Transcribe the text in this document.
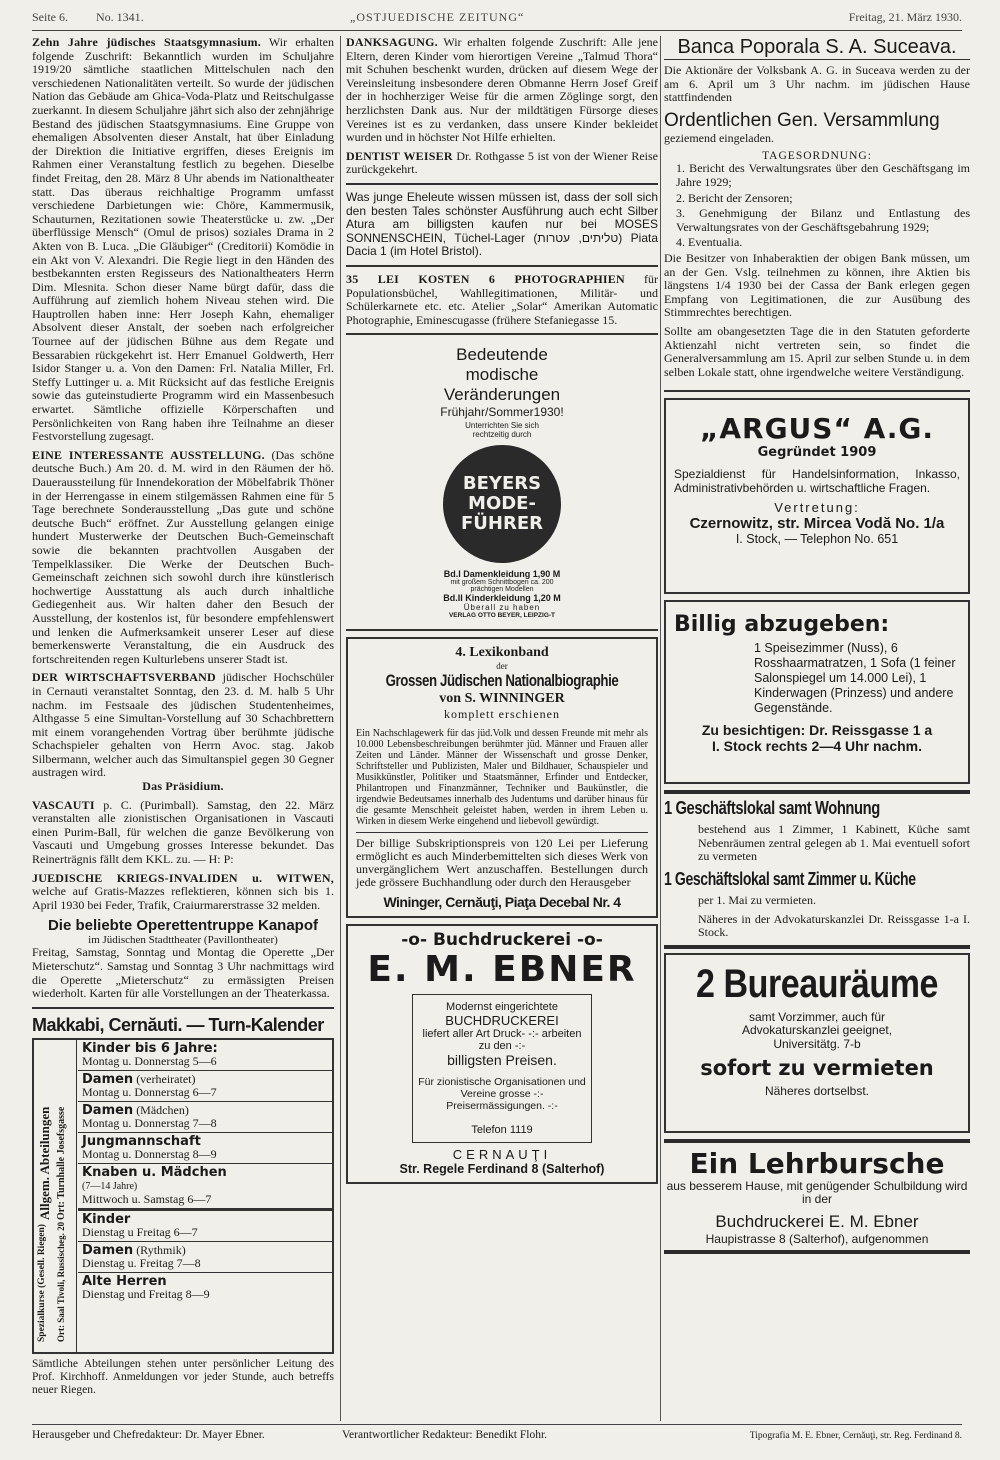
Seite 6. No. 1341.	„OSTJUEDISCHE ZEITUNG“	Freitag, 21. März 1930.

Zehn Jahre jüdisches Staatsgymnasium. Wir erhalten folgende Zuschrift: Bekanntlich wurden im Schuljahre 1919/20 sämtliche staatlichen Mittelschulen nach den verschiedenen Nationalitäten verteilt. So wurde der jüdischen Nation das Gebäude am Ghica-Voda-Platz und Reitschulgasse zuerkannt. In diesem Schuljahre jährt sich also der zehnjährige Bestand des jüdischen Staatsgymnasiums. Eine Gruppe von ehemaligen Absolventen dieser Anstalt, hat über Einladung der Direktion die Initiative ergriffen, dieses Ereignis im Rahmen einer Veranstaltung festlich zu begehen. Dieselbe findet Freitag, den 28. März 8 Uhr abends im Nationaltheater statt. Das überaus reichhaltige Programm umfasst verschiedene Darbietungen wie: Chöre, Kammermusik, Schauturnen, Rezitationen sowie Theaterstücke u. zw. „Der überflüssige Mensch“ (Omul de prisos) soziales Drama in 2 Akten von B. Luca. „Die Gläubiger“ (Creditorii) Komödie in ein Akt von V. Alexandri. Die Regie liegt in den Händen des bestbekannten ersten Regisseurs des Nationaltheaters Herrn Dim. Mlesnita. Schon dieser Name bürgt dafür, dass die Aufführung auf ziemlich hohem Niveau stehen wird. Die Hauptrollen haben inne: Herr Joseph Kahn, ehemaliger Absolvent dieser Anstalt, der soeben nach erfolgreicher Tournee auf der jüdischen Bühne aus dem Regate und Bessarabien rückgekehrt ist. Herr Emanuel Goldwerth, Herr Isidor Stanger u. a. Von den Damen: Frl. Natalia Miller, Frl. Steffy Luttinger u. a. Mit Rücksicht auf das festliche Ereignis sowie das guteinstudierte Programm wird ein Massenbesuch erwartet. Sämtliche offizielle Körperschaften und Persönlichkeiten von Rang haben ihre Teilnahme an dieser Festvorstellung zugesagt.

EINE INTERESSANTE AUSSTELLUNG. (Das schöne deutsche Buch.) Am 20. d. M. wird in den Räumen der hö. Daueraussteilung für Innendekoration der Möbelfabrik Thöner in der Herrengasse in einem stilgemässen Rahmen eine für 5 Tage berechnete Sonderausstellung „Das gute und schöne deutsche Buch“ eröffnet. Zur Ausstellung gelangen einige hundert Musterwerke der Deutschen Buch-Gemeinschaft sowie die bekannten prachtvollen Ausgaben der Tempelklassiker. Die Werke der Deutschen Buch-Gemeinschaft zeichnen sich sowohl durch ihre künstlerisch hochwertige Ausstattung als auch durch inhaltliche Gediegenheit aus. Wir halten daher den Besuch der Ausstellung, der kostenlos ist, für besondere empfehlenswert und lenken die Aufmerksamkeit unserer Leser auf diese bemerkenswerte Veranstaltung, die ein Ausdruck des fortschreitenden regen Kulturlebens unserer Stadt ist.

DER WIRTSCHAFTSVERBAND jüdischer Hochschüler in Cernauti veranstaltet Sonntag, den 23. d. M. halb 5 Uhr nachm. im Festsaale des jüdischen Studentenheimes, Althgasse 5 eine Simultan-Vorstellung auf 30 Schachbrettern mit einem vorangehenden Vortrag über berühmte jüdische Schachspieler gehalten von Herrn Avoc. stag. Jakob Silbermann, welcher auch das Simultanspiel gegen 30 Gegner austragen wird.

Das Präsidium.

VASCAUTI p. C. (Purimball). Samstag, den 22. März veranstalten alle zionistischen Organisationen in Vascauti einen Purim-Ball, für welchen die ganze Bevölkerung von Vascauti und Umgebung grosses Interesse bekundet. Das Reinerträgnis fällt dem KKL. zu. — H: P:

JUEDISCHE KRIEGS-INVALIDEN u. WITWEN, welche auf Gratis-Mazzes reflektieren, können sich bis 1. April 1930 bei Feder, Trafik, Craiurmarerstrasse 32 melden.

Die beliebte Operettentruppe Kanapof
im Jüdischen Stadttheater (Pavillontheater)

Freitag, Samstag, Sonntag und Montag die Operette „Der Mieterschutz“. Samstag und Sonntag 3 Uhr nachmittags wird die Operette „Mieterschutz“ zu ermässigten Preisen wiederholt. Karten für alle Vorstellungen an der Theaterkassa.

Makkabi, Cernăuti. — Turn-Kalender
Allgem. Abteilungen Ort: Turnhalle Josefsgasse
Spezialkurse (Gesell. Riegen) Ort: Saal Tivoli, Russischeg. 20
Kinder bis 6 Jahre:
Montag u. Donnerstag 5—6
Damen (verheiratet)
Montag u. Donnerstag 6—7
Damen (Mädchen)
Montag u. Donnerstag 7—8
Jungmannschaft
Montag u. Donnerstag 8—9
Knaben u. Mädchen
(7—14 Jahre)
Mittwoch u. Samstag 6—7
Kinder
Dienstag u Freitag 6—7
Damen (Rythmik)
Dienstag u. Freitag 7—8
Alte Herren
Dienstag und Freitag 8—9

Sämtliche Abteilungen stehen unter persönlicher Leitung des Prof. Kirchhoff. Anmeldungen vor jeder Stunde, auch betreffs neuer Riegen.

DANKSAGUNG. Wir erhalten folgende Zuschrift: Alle jene Eltern, deren Kinder vom hierortigen Vereine „Talmud Thora“ mit Schuhen beschenkt wurden, drücken auf diesem Wege der Vereinsleitung insbesondere deren Obmanne Herrn Josef Greif der in hochherziger Weise für die armen Zöglinge sorgt, den herzlichsten Dank aus. Nur der mildtätigen Fürsorge dieses Vereines ist es zu verdanken, dass unsere Kinder bekleidet wurden und in höchster Not Hilfe erhielten.

DENTIST WEISER Dr. Rothgasse 5 ist von der Wiener Reise zurückgekehrt.

Was junge Eheleute wissen müssen ist, dass der soll sich den besten Tales schönster Ausführung auch echt Silber Atura am billigsten kaufen nur bei MOSES SONNENSCHEIN, Tüchel-Lager (טליתים, עטרות) Piata Dacia 1 (im Hotel Bristol).

35 LEI KOSTEN 6 PHOTOGRAPHIEN für Populationsbüchel, Wahllegitimationen, Militär- und Schülerkarnete etc. etc. Atelier „Solar“ Amerikan Automatic Photographie, Eminescugasse (frühere Stefaniegasse 15.

Bedeutende
modische
Veränderungen
Frühjahr/Sommer1930!
Unterrichten Sie sich rechtzeitig durch
BEYERS
MODE-
FÜHRER
Bd.I Damenkleidung 1,90 M
mit großem Schnittbogen ca. 200 prächtigen Modellen
Bd.II Kinderkleidung 1,20 M
Überall zu haben
VERLAG OTTO BEYER, LEIPZIG-T
4. Lexikonband
der
Grossen Jüdischen Nationalbiographie
von S. WINNINGER
komplett erschienen

Ein Nachschlagewerk für das jüd.Volk und dessen Freunde mit mehr als 10.000 Lebensbeschreibungen berühmter jüd. Männer und Frauen aller Zeiten und Länder. Männer der Wissenschaft und grosse Denker, Schriftsteller und Publizisten, Maler und Bildhauer, Schauspieler und Musikkünstler, Politiker und Staatsmänner, Erfinder und Entdecker, Philantropen und Finanzmänner, Techniker und Baukünstler, die irgendwie Bedeutsames innerhalb des Judentums und darüber hinaus für die gesamte Menschheit geleistet haben, werden in ihrem Leben u. Wirken in diesem Werke eingehend und liebevoll gewürdigt.

Der billige Subskriptionspreis von 120 Lei per Lieferung ermöglicht es auch Minderbemittelten sich dieses Werk von unvergänglichem Wert anzuschaffen. Bestellungen durch jede grössere Buchhandlung oder durch den Herausgeber

Wininger, Cernăuţi, Piaţa Decebal Nr. 4
-o- Buchdruckerei -o-
E. M. EBNER
Modernst eingerichtete
BUCHDRUCKEREI
liefert aller Art Druck- -:- arbeiten zu den -:-
billigsten Preisen.
Für zionistische Organisationen und Vereine grosse -:- Preisermässigungen. -:-
Telefon 1119
CERNAUŢI
Str. Regele Ferdinand 8 (Salterhof)
Banca Poporala S. A. Suceava.

Die Aktionäre der Volksbank A. G. in Suceava werden zu der am 6. April um 3 Uhr nachm. im jüdischen Hause stattfindenden

Ordentlichen Gen. Versammlung

geziemend eingeladen.

TAGESORDNUNG:

1. Bericht des Verwaltungsrates über den Geschäftsgang im Jahre 1929;

2. Bericht der Zensoren;

3. Genehmigung der Bilanz und Entlastung des Verwaltungsrates von der Geschäftsgebahrung 1929;

4. Eventualia.

Die Besitzer von Inhaberaktien der obigen Bank müssen, um an der Gen. Vslg. teilnehmen zu können, ihre Aktien bis längstens 1/4 1930 bei der Cassa der Bank erlegen gegen Empfang von Legitimationen, die zur Ausübung des Stimmrechtes berechtigen.

Sollte am obangesetzten Tage die in den Statuten geforderte Aktienzahl nicht vertreten sein, so findet die Generalversammlung am 15. April zur selben Stunde u. in dem selben Lokale statt, ohne irgendwelche weitere Verständigung.

„ARGUS“ A.G.
Gegründet 1909

Spezialdienst für Handelsinformation, Inkasso, Administrativbehörden u. wirtschaftliche Fragen.

Vertretung:
Czernowitz, str. Mircea Vodă No. 1/a
I. Stock, — Telephon No. 651
Billig abzugeben:

1 Speisezimmer (Nuss), 6 Rosshaarmatratzen, 1 Sofa (1 feiner Salonspiegel um 14.000 Lei), 1 Kinderwagen (Prinzess) und andere Gegenstände.

Zu besichtigen: Dr. Reissgasse 1 a
I. Stock rechts 2—4 Uhr nachm.
1 Geschäftslokal samt Wohnung

bestehend aus 1 Zimmer, 1 Kabinett, Küche samt Nebenräumen zentral gelegen ab 1. Mai eventuell sofort zu vermeten

1 Geschäftslokal samt Zimmer u. Küche

per 1. Mai zu vermieten.

Näheres in der Advokaturskanzlei Dr. Reissgasse 1-a I. Stock.

2 Bureauräume

samt Vorzimmer, auch für Advokaturskanzlei geeignet, Universitätg. 7-b

sofort zu vermieten
Näheres dortselbst.
Ein Lehrbursche

aus besserem Hause, mit genügender Schulbildung wird in der

Buchdruckerei E. M. Ebner
Haupistrasse 8 (Salterhof), aufgenommen
Herausgeber und Chefredakteur: Dr. Mayer Ebner.	Verantwortlicher Redakteur: Benedikt Flohr.	Tipografia M. E. Ebner, Cernăuţi, str. Reg. Ferdinand 8.
